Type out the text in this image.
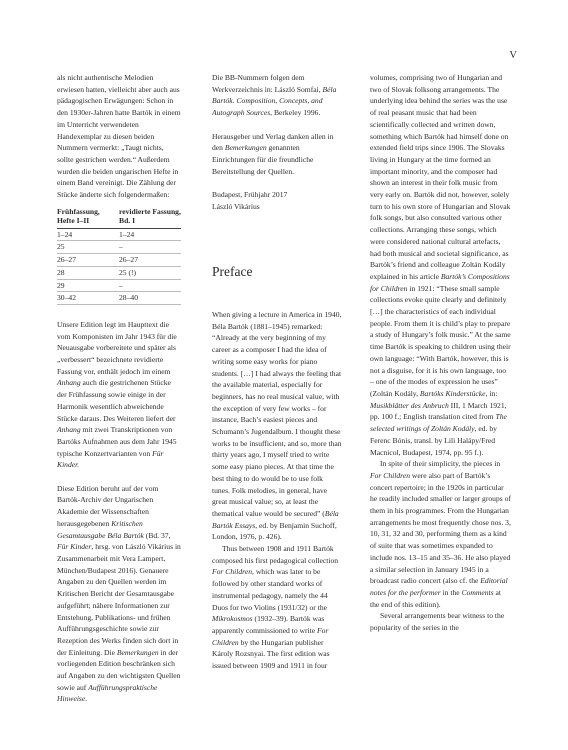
V

als nicht authentische Melodien erwiesen hatten, vielleicht aber auch aus pädagogischen Erwägungen: Schon in den 1930er-Jahren hatte Bartók in einem im Unterricht verwendeten Handexemplar zu diesen beiden Nummern vermerkt: „Taugt nichts, sollte gestrichen werden.“ Außerdem wurden die beiden ungarischen Hefte in einem Band vereinigt. Die Zählung der Stücke änderte sich folgendermaßen:

Frühfassung, Hefte I–II	revidierte Fassung, Bd. I
1–24	1–24
25	–
26–27	26–27
28	25 (!)
29	–
30–42	28–40

Unsere Edition legt im Haupttext die vom Komponisten im Jahr 1943 für die Neuausgabe vorbereitete und später als „verbessert“ bezeichnete revidierte Fassung vor, enthält jedoch im einem Anhang auch die gestrichenen Stücke der Frühfassung sowie einige in der Harmonik wesentlich abweichende Stücke daraus. Des Weiteren liefert der Anhang mit zwei Transkriptionen von Bartóks Aufnahmen aus dem Jahr 1945 typische Konzertvarianten von Für Kinder.

Diese Edition beruht auf der vom Bartók-Archiv der Ungarischen Akademie der Wissenschaften herausgegebenen Kritischen Gesamtausgabe Béla Bartók (Bd. 37, Für Kinder, hrsg. von László Vikárius in Zusammenarbeit mit Vera Lampert, München/Budapest 2016). Genauere Angaben zu den Quellen werden im Kritischen Bericht der Gesamtausgabe aufgeführt; nähere Informationen zur Entstehung, Publikations- und frühen Aufführungsgeschichte sowie zur Rezeption des Werks finden sich dort in der Einleitung. Die Bemerkungen in der vorliegenden Edition beschränken sich auf Angaben zu den wichtigsten Quellen sowie auf Aufführungspraktische Hinweise.

Die BB-Nummern folgen dem Werkverzeichnis in: László Somfai, Béla Bartók. Composition, Concepts, and Autograph Sources, Berkeley 1996.

Herausgeber und Verlag danken allen in den Bemerkungen genannten Einrichtungen für die freundliche Bereitstellung der Quellen.

Budapest, Frühjahr 2017

László Vikárius

Preface

When giving a lecture in America in 1940, Béla Bartók (1881–1945) remarked: “Already at the very beginning of my career as a composer I had the idea of writing some easy works for piano students. […] I had always the feeling that the available material, especially for beginners, has no real musical value, with the exception of very few works – for instance, Bach’s easiest pieces and Schumann’s Jugendalbum. I thought these works to be insufficient, and so, more than thirty years ago, I myself tried to write some easy piano pieces. At that time the best thing to do would be to use folk tunes. Folk melodies, in general, have great musical value; so, at least the thematical value would be secured” (Béla Bartók Essays, ed. by Benjamin Suchoff, London, 1976, p. 426).

Thus between 1908 and 1911 Bartók composed his first pedagogical collection For Children, which was later to be followed by other standard works of instrumental pedagogy, namely the 44 Duos for two Violins (1931/32) or the Mikrokosmos (1932–39). Bartók was apparently commissioned to write For Children by the Hungarian publisher Károly Rozsnyai. The first edition was issued between 1909 and 1911 in four

volumes, comprising two of Hungarian and two of Slovak folksong arrangements. The underlying idea behind the series was the use of real peasant music that had been scientifically collected and written down, something which Bartók had himself done on extended field trips since 1906. The Slovaks living in Hungary at the time formed an important minority, and the composer had shown an interest in their folk music from very early on. Bartók did not, however, solely turn to his own store of Hungarian and Slovak folk songs, but also consulted various other collections. Arranging these songs, which were considered national cultural artefacts, had both musical and societal significance, as Bartók’s friend and colleague Zoltán Kodály explained in his article Bartók’s Compositions for Children in 1921: “These small sample collections evoke quite clearly and definitely […] the characteristics of each individual people. From them it is child’s play to prepare a study of Hungary’s folk music.” At the same time Bartók is speaking to children using their own language: “With Bartók, however, this is not a disguise, for it is his own language, too – one of the modes of expression he uses” (Zoltán Kodály, Bartóks Kinderstücke, in: Musikblätter des Anbruch III, 1 March 1921, pp. 100 f.; English translation cited from The selected writings of Zoltán Kodály, ed. by Ferenc Bónis, transl. by Lili Halápy/Fred Macnicol, Budapest, 1974, pp. 95 f.).

In spite of their simplicity, the pieces in For Children were also part of Bartók’s concert repertoire; in the 1920s in particular he readily included smaller or larger groups of them in his programmes. From the Hungarian arrangements he most frequently chose nos. 3, 10, 31, 32 and 30, performing them as a kind of suite that was sometimes expanded to include nos. 13–15 and 35–36. He also played a similar selection in January 1945 in a broadcast radio concert (also cf. the Editorial notes for the performer in the Comments at the end of this edition).

Several arrangements bear witness to the popularity of the series in the
